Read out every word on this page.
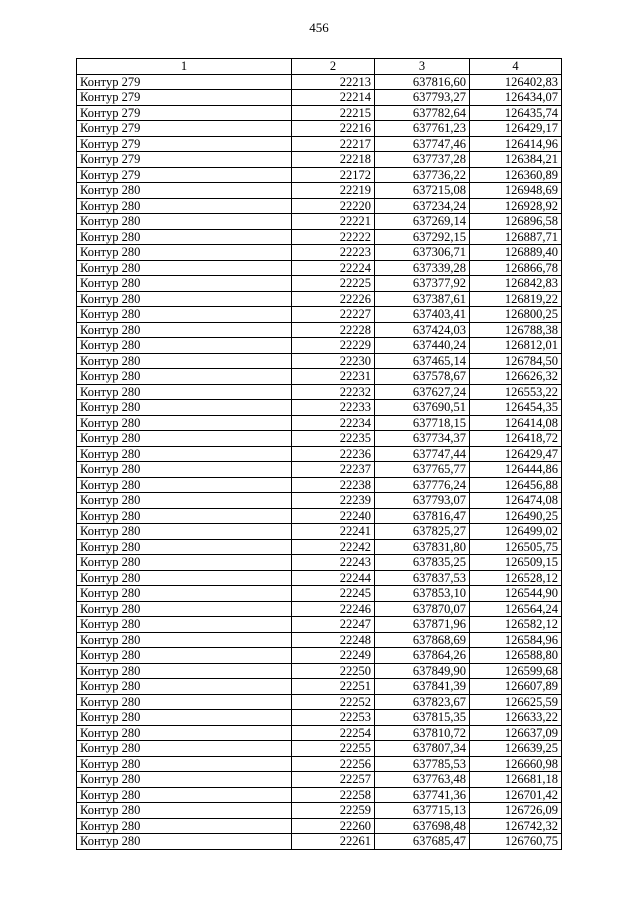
456
1	2	3	4
Контур 279	22213	637816,60	126402,83
Контур 279	22214	637793,27	126434,07
Контур 279	22215	637782,64	126435,74
Контур 279	22216	637761,23	126429,17
Контур 279	22217	637747,46	126414,96
Контур 279	22218	637737,28	126384,21
Контур 279	22172	637736,22	126360,89
Контур 280	22219	637215,08	126948,69
Контур 280	22220	637234,24	126928,92
Контур 280	22221	637269,14	126896,58
Контур 280	22222	637292,15	126887,71
Контур 280	22223	637306,71	126889,40
Контур 280	22224	637339,28	126866,78
Контур 280	22225	637377,92	126842,83
Контур 280	22226	637387,61	126819,22
Контур 280	22227	637403,41	126800,25
Контур 280	22228	637424,03	126788,38
Контур 280	22229	637440,24	126812,01
Контур 280	22230	637465,14	126784,50
Контур 280	22231	637578,67	126626,32
Контур 280	22232	637627,24	126553,22
Контур 280	22233	637690,51	126454,35
Контур 280	22234	637718,15	126414,08
Контур 280	22235	637734,37	126418,72
Контур 280	22236	637747,44	126429,47
Контур 280	22237	637765,77	126444,86
Контур 280	22238	637776,24	126456,88
Контур 280	22239	637793,07	126474,08
Контур 280	22240	637816,47	126490,25
Контур 280	22241	637825,27	126499,02
Контур 280	22242	637831,80	126505,75
Контур 280	22243	637835,25	126509,15
Контур 280	22244	637837,53	126528,12
Контур 280	22245	637853,10	126544,90
Контур 280	22246	637870,07	126564,24
Контур 280	22247	637871,96	126582,12
Контур 280	22248	637868,69	126584,96
Контур 280	22249	637864,26	126588,80
Контур 280	22250	637849,90	126599,68
Контур 280	22251	637841,39	126607,89
Контур 280	22252	637823,67	126625,59
Контур 280	22253	637815,35	126633,22
Контур 280	22254	637810,72	126637,09
Контур 280	22255	637807,34	126639,25
Контур 280	22256	637785,53	126660,98
Контур 280	22257	637763,48	126681,18
Контур 280	22258	637741,36	126701,42
Контур 280	22259	637715,13	126726,09
Контур 280	22260	637698,48	126742,32
Контур 280	22261	637685,47	126760,75
